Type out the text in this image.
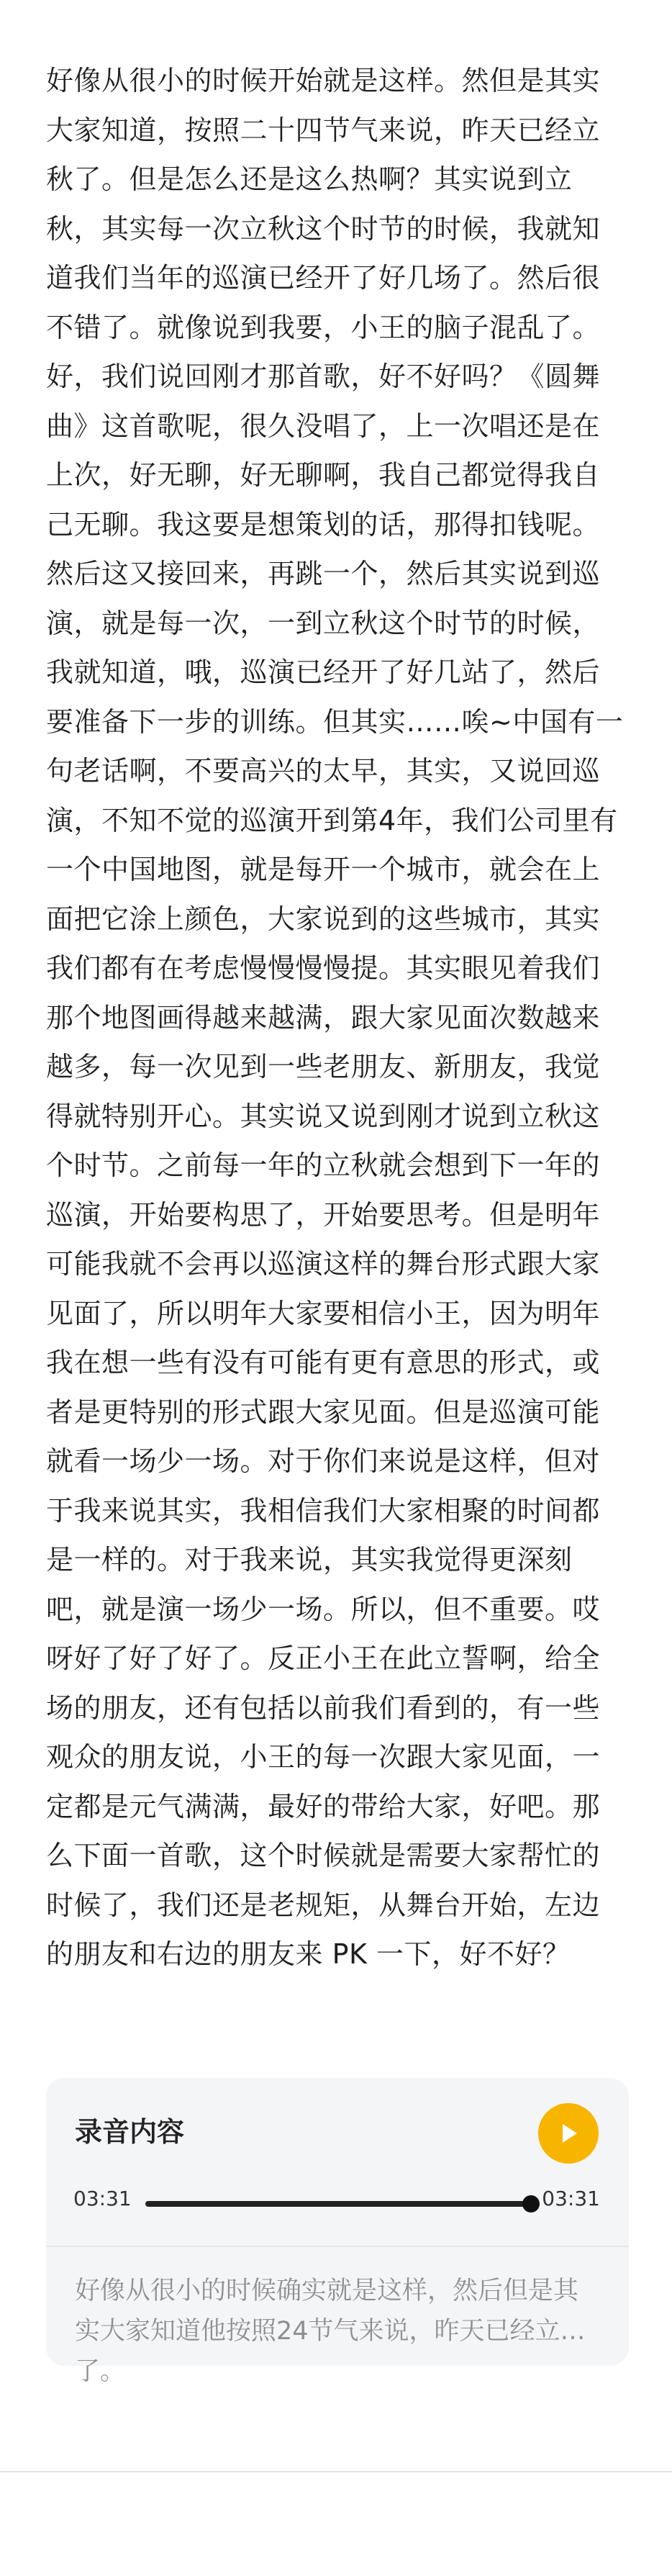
好像从很小的时候开始就是这样。然但是其实大家知道，按照二十四节气来说，昨天已经立秋了。但是怎么还是这么热啊？其实说到立秋，其实每一次立秋这个时节的时候，我就知道我们当年的巡演已经开了好几场了。然后很不错了。就像说到我要，小王的脑子混乱了。好，我们说回刚才那首歌，好不好吗？《圆舞曲》这首歌呢，很久没唱了，上一次唱还是在上次，好无聊，好无聊啊，我自己都觉得我自己无聊。我这要是想策划的话，那得扣钱呢。然后这又接回来，再跳一个，然后其实说到巡演，就是每一次，一到立秋这个时节的时候，我就知道，哦，巡演已经开了好几站了，然后要准备下一步的训练。但其实……唉~中国有一句老话啊，不要高兴的太早，其实，又说回巡演，不知不觉的巡演开到第4年，我们公司里有一个中国地图，就是每开一个城市，就会在上面把它涂上颜色，大家说到的这些城市，其实我们都有在考虑慢慢慢慢提。其实眼见着我们那个地图画得越来越满，跟大家见面次数越来越多，每一次见到一些老朋友、新朋友，我觉得就特别开心。其实说又说到刚才说到立秋这个时节。之前每一年的立秋就会想到下一年的巡演，开始要构思了，开始要思考。但是明年可能我就不会再以巡演这样的舞台形式跟大家见面了，所以明年大家要相信小王，因为明年我在想一些有没有可能有更有意思的形式，或者是更特别的形式跟大家见面。但是巡演可能就看一场少一场。对于你们来说是这样，但对于我来说其实，我相信我们大家相聚的时间都是一样的。对于我来说，其实我觉得更深刻吧，就是演一场少一场。所以，但不重要。哎呀好了好了好了。反正小王在此立誓啊，给全场的朋友，还有包括以前我们看到的，有一些观众的朋友说，小王的每一次跟大家见面，一定都是元气满满，最好的带给大家，好吧。那么下面一首歌，这个时候就是需要大家帮忙的时候了，我们还是老规矩，从舞台开始，左边的朋友和右边的朋友来 PK 一下，好不好？

录音内容
03:31	03:31

好像从很小的时候确实就是这样，然后但是其实大家知道他按照24节气来说，昨天已经立秋了。
